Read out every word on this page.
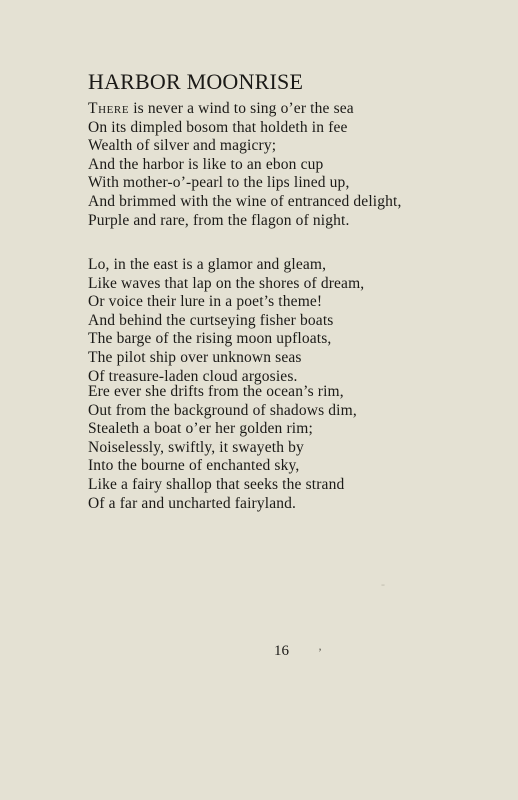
HARBOR MOONRISE
There is never a wind to sing o’er the sea
On its dimpled bosom that holdeth in fee
Wealth of silver and magicry;
And the harbor is like to an ebon cup
With mother-o’-pearl to the lips lined up,
And brimmed with the wine of entranced delight,
Purple and rare, from the flagon of night.
Lo, in the east is a glamor and gleam,
Like waves that lap on the shores of dream,
Or voice their lure in a poet’s theme!
And behind the curtseying fisher boats
The barge of the rising moon upfloats,
The pilot ship over unknown seas
Of treasure-laden cloud argosies.
Ere ever she drifts from the ocean’s rim,
Out from the background of shadows dim,
Stealeth a boat o’er her golden rim;
Noiselessly, swiftly, it swayeth by
Into the bourne of enchanted sky,
Like a fairy shallop that seeks the strand
Of a far and uncharted fairyland.
-
16 ’
